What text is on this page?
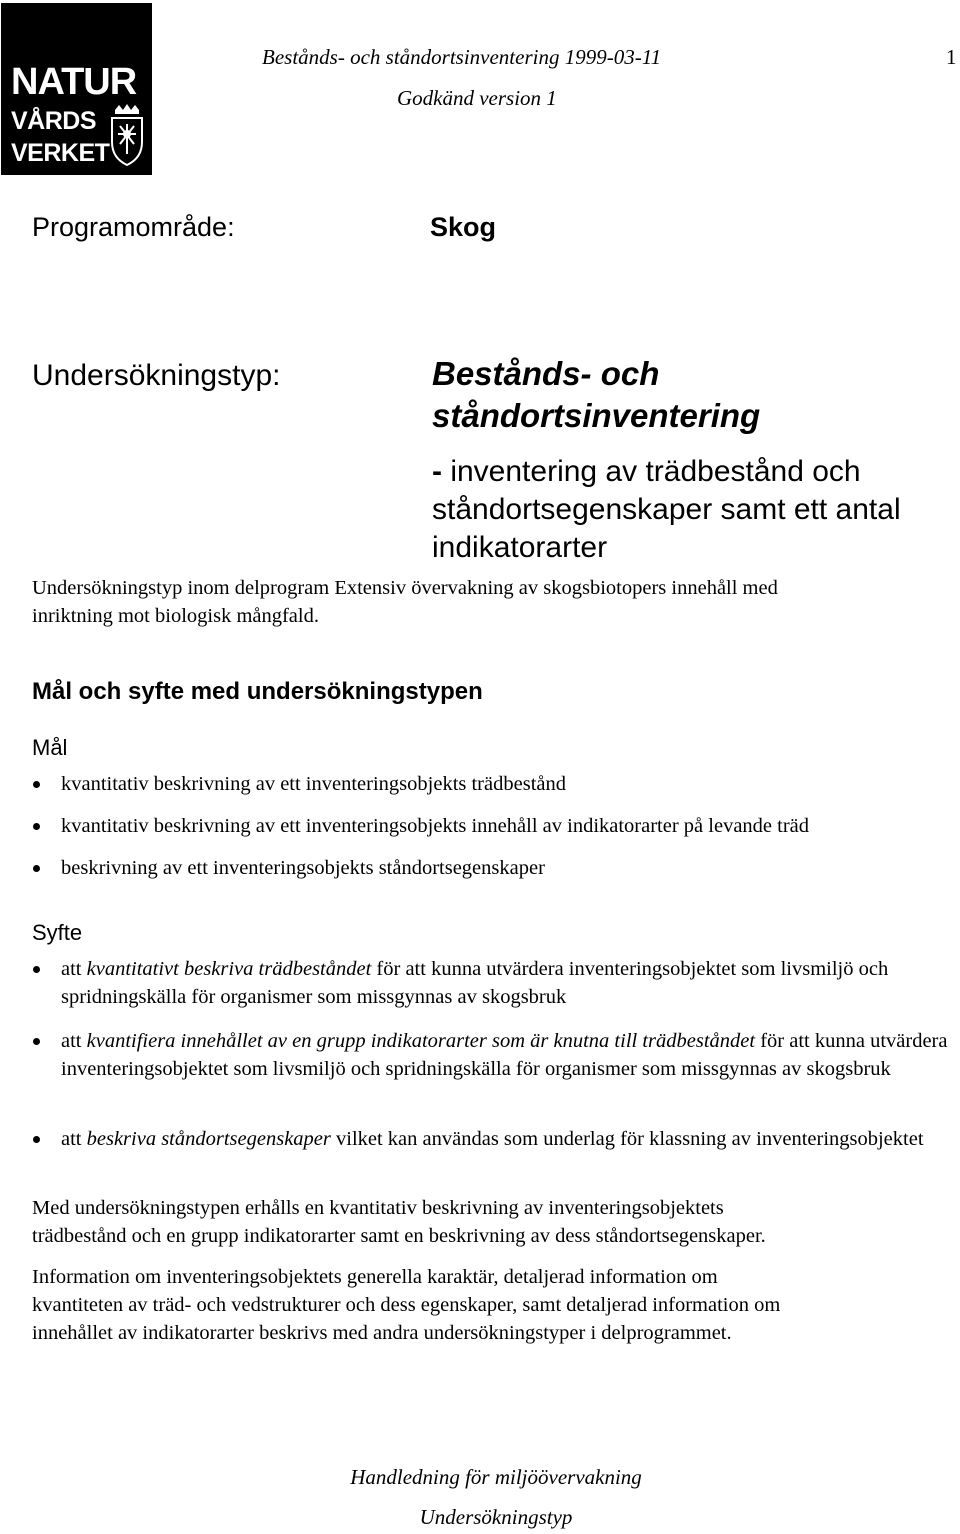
NATUR
VÅRDS
VERKET
Bestånds- och ståndortsinventering 1999-03-11	1
Godkänd version 1
Programområde:	Skog
Undersökningstyp:	Bestånds- och
ståndortsinventering
- inventering av trädbestånd och
ståndortsegenskaper samt ett antal
indikatorarter
Undersökningstyp inom delprogram Extensiv övervakning av skogsbiotopers innehåll med
inriktning mot biologisk mångfald.
Mål och syfte med undersökningstypen
Mål
kvantitativ beskrivning av ett inventeringsobjekts trädbestånd
kvantitativ beskrivning av ett inventeringsobjekts innehåll av indikatorarter på levande träd
beskrivning av ett inventeringsobjekts ståndortsegenskaper
Syfte
att kvantitativt beskriva trädbeståndet för att kunna utvärdera inventeringsobjektet som livsmiljö och spridningskälla för organismer som missgynnas av skogsbruk
att kvantifiera innehållet av en grupp indikatorarter som är knutna till trädbeståndet för att kunna utvärdera inventeringsobjektet som livsmiljö och spridningskälla för organismer som missgynnas av skogsbruk
att beskriva ståndortsegenskaper vilket kan användas som underlag för klassning av inventeringsobjektet
Med undersökningstypen erhålls en kvantitativ beskrivning av inventeringsobjektets
trädbestånd och en grupp indikatorarter samt en beskrivning av dess ståndortsegenskaper.
Information om inventeringsobjektets generella karaktär, detaljerad information om
kvantiteten av träd- och vedstrukturer och dess egenskaper, samt detaljerad information om
innehållet av indikatorarter beskrivs med andra undersökningstyper i delprogrammet.
Handledning för miljöövervakning
Undersökningstyp
